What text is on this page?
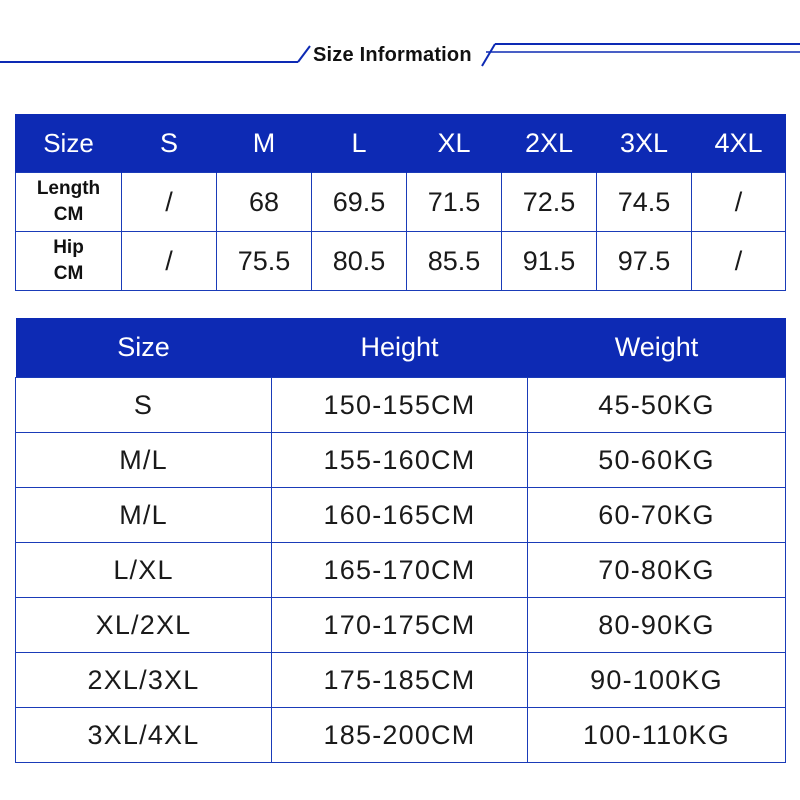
Size Information
Size	S	M	L	XL	2XL	3XL	4XL
Length
CM	/	68	69.5	71.5	72.5	74.5	/
Hip
CM	/	75.5	80.5	85.5	91.5	97.5	/
Size	Height	Weight
S	150-155CM	45-50KG
M/L	155-160CM	50-60KG
M/L	160-165CM	60-70KG
L/XL	165-170CM	70-80KG
XL/2XL	170-175CM	80-90KG
2XL/3XL	175-185CM	90-100KG
3XL/4XL	185-200CM	100-110KG
